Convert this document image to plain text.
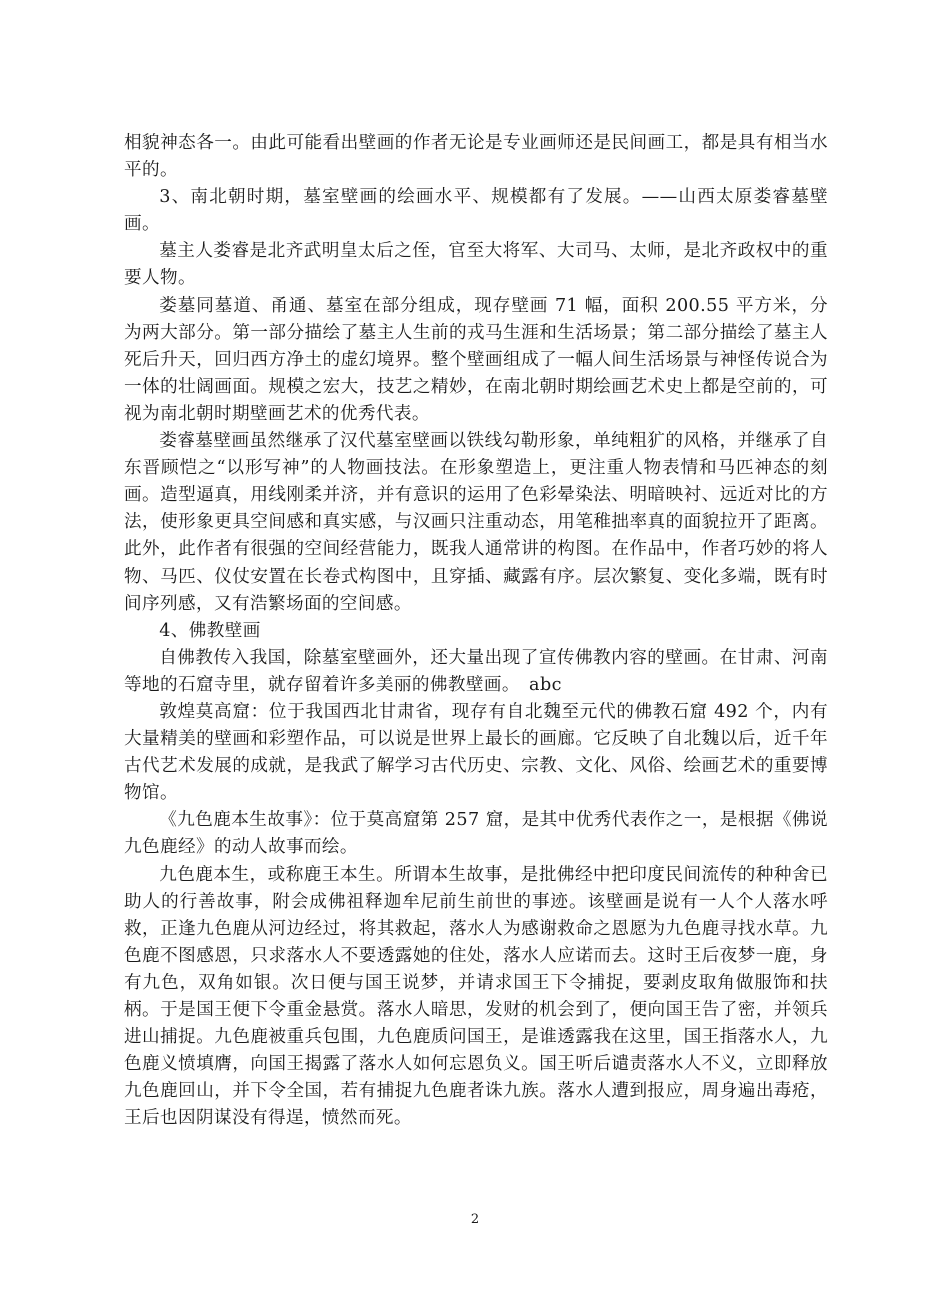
相貌神态各一。由此可能看出壁画的作者无论是专业画师还是民间画工，都是具有相当水平的。

3、南北朝时期，墓室壁画的绘画水平、规模都有了发展。——山西太原娄睿墓壁画。

墓主人娄睿是北齐武明皇太后之侄，官至大将军、大司马、太师，是北齐政权中的重要人物。

娄墓同墓道、甬通、墓室在部分组成，现存壁画 71 幅，面积 200.55 平方米，分为两大部分。第一部分描绘了墓主人生前的戎马生涯和生活场景；第二部分描绘了墓主人死后升天，回归西方净土的虚幻境界。整个壁画组成了一幅人间生活场景与神怪传说合为一体的壮阔画面。规模之宏大，技艺之精妙，在南北朝时期绘画艺术史上都是空前的，可视为南北朝时期壁画艺术的优秀代表。

娄睿墓壁画虽然继承了汉代墓室壁画以铁线勾勒形象，单纯粗犷的风格，并继承了自东晋顾恺之“以形写神”的人物画技法。在形象塑造上，更注重人物表情和马匹神态的刻画。造型逼真，用线刚柔并济，并有意识的运用了色彩晕染法、明暗映衬、远近对比的方法，使形象更具空间感和真实感，与汉画只注重动态，用笔稚拙率真的面貌拉开了距离。此外，此作者有很强的空间经营能力，既我人通常讲的构图。在作品中，作者巧妙的将人物、马匹、仪仗安置在长卷式构图中，且穿插、藏露有序。层次繁复、变化多端，既有时间序列感，又有浩繁场面的空间感。

4、佛教壁画

自佛教传入我国，除墓室壁画外，还大量出现了宣传佛教内容的壁画。在甘肃、河南等地的石窟寺里，就存留着许多美丽的佛教壁画。　abc

敦煌莫高窟：位于我国西北甘肃省，现存有自北魏至元代的佛教石窟 492 个，内有大量精美的壁画和彩塑作品，可以说是世界上最长的画廊。它反映了自北魏以后，近千年古代艺术发展的成就，是我武了解学习古代历史、宗教、文化、风俗、绘画艺术的重要博物馆。

《九色鹿本生故事》：位于莫高窟第 257 窟，是其中优秀代表作之一，是根据《佛说九色鹿经》的动人故事而绘。

九色鹿本生，或称鹿王本生。所谓本生故事，是批佛经中把印度民间流传的种种舍已助人的行善故事，附会成佛祖释迦牟尼前生前世的事迹。该壁画是说有一人个人落水呼救，正逢九色鹿从河边经过，将其救起，落水人为感谢救命之恩愿为九色鹿寻找水草。九色鹿不图感恩，只求落水人不要透露她的住处，落水人应诺而去。这时王后夜梦一鹿，身有九色，双角如银。次日便与国王说梦，并请求国王下令捕捉，要剥皮取角做服饰和扶柄。于是国王便下令重金悬赏。落水人暗思，发财的机会到了，便向国王告了密，并领兵进山捕捉。九色鹿被重兵包围，九色鹿质问国王，是谁透露我在这里，国王指落水人，九色鹿义愤填膺，向国王揭露了落水人如何忘恩负义。国王听后谴责落水人不义，立即释放九色鹿回山，并下令全国，若有捕捉九色鹿者诛九族。落水人遭到报应，周身遍出毒疮，王后也因阴谋没有得逞，愤然而死。

2
